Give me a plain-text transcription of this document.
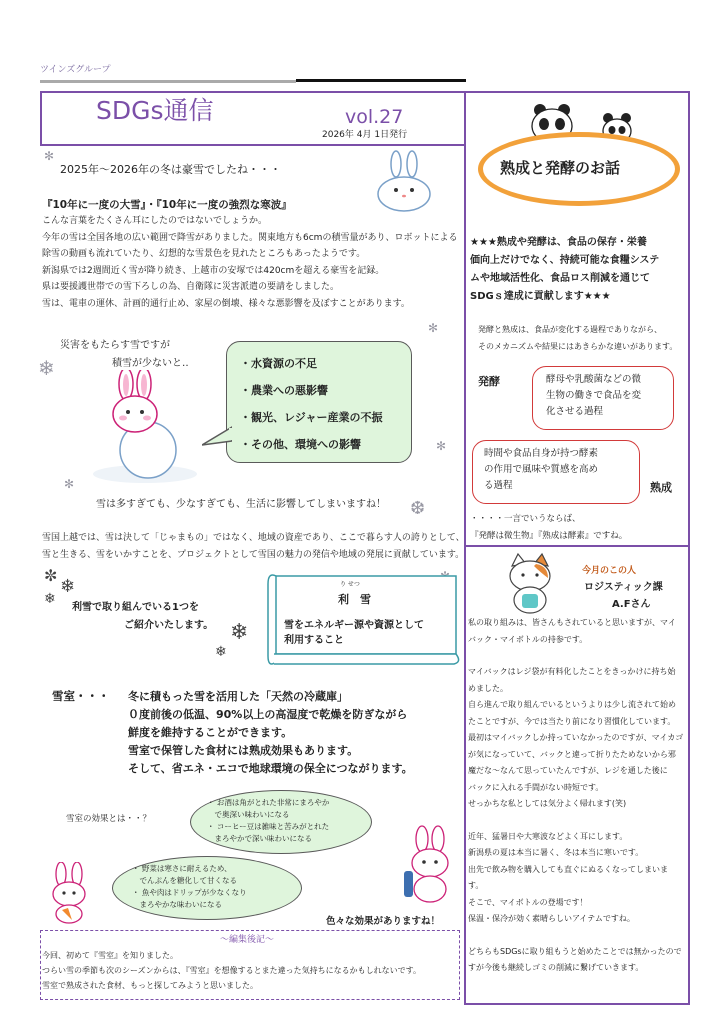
ツインズグループ
SDGs通信	vol.27
2026年 4月 1日発行
2025年～2026年の冬は豪雪でしたね・・・
『10年に一度の大雪』・『10年に一度の強烈な寒波』
こんな言葉をたくさん耳にしたのではないでしょうか。
今年の雪は全国各地の広い範囲で降雪がありました。関東地方も6cmの積雪量があり、ロボットによる
除雪の動画も流れていたり、幻想的な雪景色を見れたところもあったようです。
新潟県では2週間近く雪が降り続き、上越市の安塚では420cmを超える豪雪を記録。
県は要援護世帯での雪下ろしの為、自衛隊に災害派遣の要請をしました。
雪は、電車の運休、計画的通行止め、家屋の倒壊、様々な悪影響を及ぼすことがあります。
✻
✻
❄
✻
✻
❆
災害をもたらす雪ですが
積雪が少ないと‥	・水資源の不足
・農業への悪影響
・観光、レジャー産業の不振
・その他、環境への影響
雪は多すぎても、少なすぎても、生活に影響してしまいますね！
雪国上越では、雪は決して「じゃまもの」ではなく、地域の資産であり、ここで暮らす人の誇りとして、
雪と生きる、雪をいかすことを、プロジェクトとして雪国の魅力の発信や地域の発展に貢献しています。
✼
❄
❄
❄
❄
利雪で取り組んでいる1つを
ご紹介いたします。
り せつ
利　雪
雪をエネルギー源や資源として
利用すること
雪室・・・ 冬に積もった雪を活用した「天然の冷蔵庫」
０度前後の低温、90%以上の高湿度で乾燥を防ぎながら
鮮度を維持することができます。
雪室で保管した食材には熟成効果もあります。
そして、省エネ・エコで地球環境の保全につながります。
雪室の効果とは・・？
・ お酒は角がとれた非常にまろやか
　で奥深い味わいになる
・ コーヒー豆は雑味と苦みがとれた
　まろやかで深い味わいになる
・ 野菜は寒さに耐えるため、
　でんぷんを糖化して甘くなる
・ 魚や肉はドリップが少なくなり
　まろやかな味わいになる
色々な効果がありますね！
～編集後記～
今回、初めて『雪室』を知りました。
つらい雪の季節も次のシーズンからは、『雪室』を想像するとまた違った気持ちになるかもしれないです。
雪室で熟成された食材、もっと探してみようと思いました。
熟成と発酵のお話
★★★熟成や発酵は、食品の保存・栄養
価向上だけでなく、持続可能な食糧システ
ムや地域活性化、食品ロス削減を通じて
SDGｓ達成に貢献します★★★
発酵と熟成は、食品が変化する過程でありながら、
そのメカニズムや結果にはあきらかな違いがあります。
発酵	酵母や乳酸菌などの微
生物の働きで食品を変
化させる過程
時間や食品自身が持つ酵素
の作用で風味や質感を高め
る過程	熟成
・・・・一言でいうならば、
『発酵は微生物』『熟成は酵素』ですね。
今月のこの人
ロジスティック課
A.Fさん
私の取り組みは、皆さんもされていると思いますが、マイ
バック・マイボトルの持参です。
マイバックはレジ袋が有料化したことをきっかけに持ち始
めました。
自ら進んで取り組んでいるというよりは少し流されて始め
たことですが、今では当たり前になり習慣化しています。
最初はマイバックしか持っていなかったのですが、マイカゴ
が気になっていて、バックと違って折りたためないから邪
魔だな～なんて思っていたんですが、レジを通した後に
バックに入れる手間がない時短です。
せっかちな私としては気分よく帰れます(笑)
近年、猛暑日や大寒波などよく耳にします。
新潟県の夏は本当に暑く、冬は本当に寒いです。
出先で飲み物を購入しても直ぐにぬるくなってしまいま
す。
そこで、マイボトルの登場です！
保温・保冷が効く素晴らしいアイテムですね。
どちらもSDGsに取り組もうと始めたことでは無かったので
すが今後も継続しゴミの削減に繋げていきます。
